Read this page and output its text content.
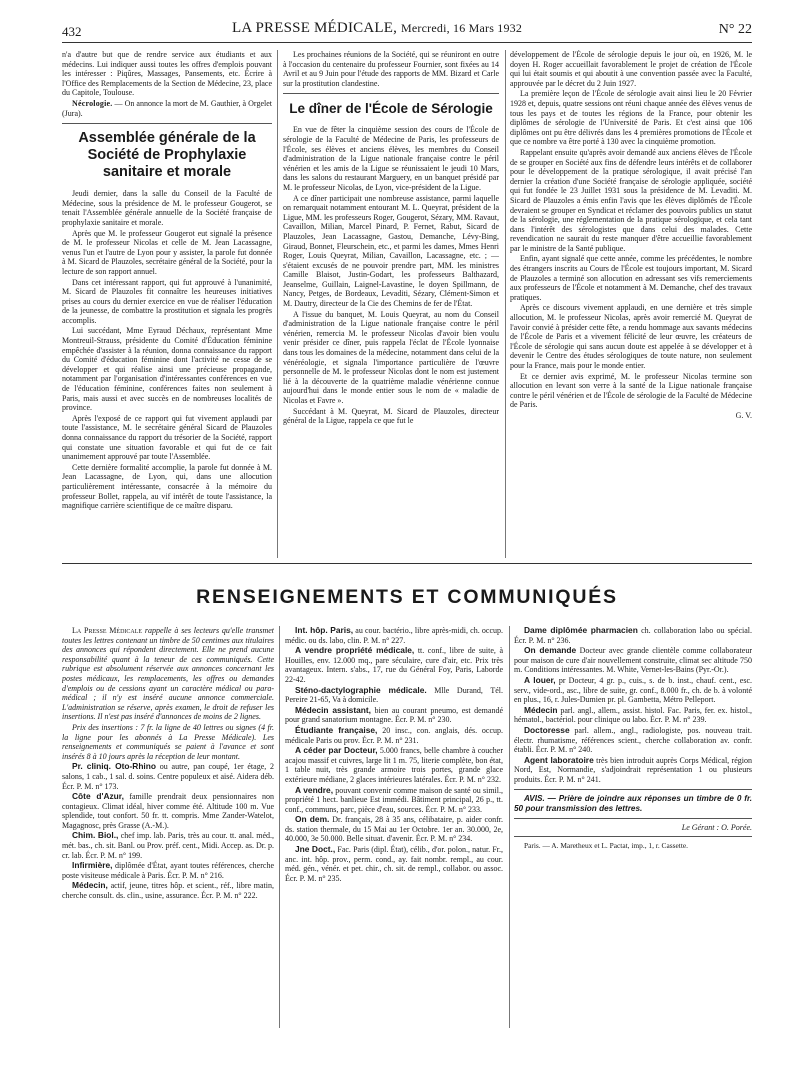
432	LA PRESSE MÉDICALE, Mercredi, 16 Mars 1932	N° 22

n'a d'autre but que de rendre service aux étudiants et aux médecins. Lui indiquer aussi toutes les offres d'emplois pouvant les intéresser : Piqûres, Massages, Pansements, etc. Écrire à l'Office des Remplacements de la Section de Médecine, 23, place du Capitole, Toulouse.

Nécrologie. — On annonce la mort de M. Gauthier, à Orgelet (Jura).

Assemblée générale de la Société de Prophylaxie sanitaire et morale

Jeudi dernier, dans la salle du Conseil de la Faculté de Médecine, sous la présidence de M. le professeur Gougerot, se tenait l'Assemblée générale annuelle de la Société française de prophylaxie sanitaire et morale.

Après que M. le professeur Gougerot eut signalé la présence de M. le professeur Nicolas et celle de M. Jean Lacassagne, venus l'un et l'autre de Lyon pour y assister, la parole fut donnée à M. Sicard de Plauzoles, secrétaire général de la Société, pour la lecture de son rapport annuel.

Dans cet intéressant rapport, qui fut approuvé à l'unanimité, M. Sicard de Plauzoles fit connaître les heureuses initiatives prises au cours du dernier exercice en vue de réaliser l'éducation de la jeunesse, de combattre la prostitution et signala les progrès accomplis.

Lui succédant, Mme Eyraud Déchaux, représentant Mme Montreuil-Strauss, présidente du Comité d'Éducation féminine empêchée d'assister à la réunion, donna connaissance du rapport du Comité d'éducation féminine dont l'activité ne cesse de se développer et qui réalise ainsi une précieuse propagande, notamment par l'organisation d'intéressantes conférences en vue de l'éducation féminine, conférences faites non seulement à Paris, mais aussi et avec succès en de nombreuses localités de province.

Après l'exposé de ce rapport qui fut vivement applaudi par toute l'assistance, M. le secrétaire général Sicard de Plauzoles donna connaissance du rapport du trésorier de la Société, rapport qui constate une situation favorable et qui fut de ce fait unanimement approuvé par toute l'Assemblée.

Cette dernière formalité accomplie, la parole fut donnée à M. Jean Lacassagne, de Lyon, qui, dans une allocution particulièrement intéressante, consacrée à la mémoire du professeur Bollet, rappela, au vif intérêt de toute l'assistance, la magnifique carrière scientifique de ce maître disparu.

Les prochaines réunions de la Société, qui se réuniront en outre à l'occasion du centenaire du professeur Fournier, sont fixées au 14 Avril et au 9 Juin pour l'étude des rapports de MM. Bizard et Carle sur la prostitution clandestine.

Le dîner de l'École de Sérologie

En vue de fêter la cinquième session des cours de l'École de sérologie de la Faculté de Médecine de Paris, les professeurs de l'École, ses élèves et anciens élèves, les membres du Conseil d'administration de la Ligue nationale française contre le péril vénérien et les amis de la Ligue se réunissaient le jeudi 10 Mars, dans les salons du restaurant Marguery, en un banquet présidé par M. le professeur Nicolas, de Lyon, vice-président de la Ligue.

A ce dîner participait une nombreuse assistance, parmi laquelle on remarquait notamment entourant M. L. Queyrat, président de la Ligue, MM. les professeurs Roger, Gougerot, Sézary, MM. Ravaut, Cavaillon, Milian, Marcel Pinard, P. Fernet, Rabut, Sicard de Plauzoles, Jean Lacassagne, Gastou, Demanche, Lévy-Bing, Giraud, Bonnet, Fleurschein, etc., et parmi les dames, Mmes Henri Roger, Louis Queyrat, Milian, Cavaillon, Lacassagne, etc. ; — s'étaient excusés de ne pouvoir prendre part, MM. les ministres Camille Blaisot, Justin-Godart, les professeurs Balthazard, Jeanselme, Guillain, Laignel-Lavastine, le doyen Spillmann, de Nancy, Petges, de Bordeaux, Levaditi, Sézary, Clément-Simon et M. Dautry, directeur de la Cie des Chemins de fer de l'État.

A l'issue du banquet, M. Louis Queyrat, au nom du Conseil d'administration de la Ligue nationale française contre le péril vénérien, remercia M. le professeur Nicolas d'avoir bien voulu venir présider ce dîner, puis rappela l'éclat de l'École lyonnaise dans tous les domaines de la médecine, notamment dans celui de la vénéréologie, et signala l'importance particulière de l'œuvre personnelle de M. le professeur Nicolas dont le nom est justement lié à la découverte de la quatrième maladie vénérienne connue aujourd'hui dans le monde entier sous le nom de « maladie de Nicolas et Favre ».

Succédant à M. Queyrat, M. Sicard de Plauzoles, directeur général de la Ligue, rappela ce que fut le

développement de l'École de sérologie depuis le jour où, en 1926, M. le doyen H. Roger accueillait favorablement le projet de création de l'École qui lui était soumis et qui aboutit à une convention passée avec la Faculté, approuvée par le décret du 2 Juin 1927.

La première leçon de l'École de sérologie avait ainsi lieu le 20 Février 1928 et, depuis, quatre sessions ont réuni chaque année des élèves venus de tous les pays et de toutes les régions de la France, pour obtenir les diplômes de sérologie de l'Université de Paris. Et c'est ainsi que 106 diplômes ont pu être délivrés dans les 4 premières promotions de l'École et que ce nombre va être porté à 130 avec la cinquième promotion.

Rappelant ensuite qu'après avoir demandé aux anciens élèves de l'École de se grouper en Société aux fins de défendre leurs intérêts et de collaborer pour le développement de la pratique sérologique, il avait précisé l'an dernier la création d'une Société française de sérologie appliquée, société qui fut fondée le 23 Juillet 1931 sous la présidence de M. Levaditi. M. Sicard de Plauzoles a émis enfin l'avis que les élèves diplômés de l'École devraient se grouper en Syndicat et réclamer des pouvoirs publics un statut de la sérologie, une réglementation de la pratique sérologique, et cela tant dans l'intérêt des sérologistes que dans celui des malades. Cette revendication ne saurait du reste manquer d'être accueillie favorablement par le ministre de la Santé publique.

Enfin, ayant signalé que cette année, comme les précédentes, le nombre des étrangers inscrits au Cours de l'École est toujours important, M. Sicard de Plauzoles a terminé son allocution en adressant ses vifs remerciements aux professeurs de l'École et notamment à M. Demanche, chef des travaux pratiques.

Après ce discours vivement applaudi, en une dernière et très simple allocution, M. le professeur Nicolas, après avoir remercié M. Queyrat de l'avoir convié à présider cette fête, a rendu hommage aux savants médecins de l'École de Paris et a vivement félicité de leur œuvre, les créateurs de l'École de sérologie qui sans aucun doute est appelée à se développer et à devenir le Centre des études sérologiques de toute nature, non seulement pour la France, mais pour le monde entier.

Et ce dernier avis exprimé, M. le professeur Nicolas termine son allocution en levant son verre à la santé de la Ligue nationale française contre le péril vénérien et de l'École de sérologie de la Faculté de Médecine de Paris.

G. V.

RENSEIGNEMENTS ET COMMUNIQUÉS

La Presse Médicale rappelle à ses lecteurs qu'elle transmet toutes les lettres contenant un timbre de 50 centimes aux titulaires des annonces qui répondent directement. Elle ne prend aucune responsabilité quant à la teneur de ces communiqués. Cette rubrique est absolument réservée aux annonces concernant les postes médicaux, les remplacements, les offres ou demandes d'emplois ou de cessions ayant un caractère médical ou para-médical ; il n'y est inséré aucune annonce commerciale. L'administration se réserve, après examen, le droit de refuser les insertions. Il n'est pas inséré d'annonces de moins de 2 lignes.

Prix des insertions : 7 fr. la ligne de 40 lettres ou signes (4 fr. la ligne pour les abonnés à La Presse Médicale). Les renseignements et communiqués se paient à l'avance et sont insérés 8 à 10 jours après la réception de leur montant.

Pr. cliniq. Oto-Rhino ou autre, pan coupé, 1er étage, 2 salons, 1 cab., 1 sal. d. soins. Centre populeux et aisé. Aidera déb. Écr. P. M. n° 173.

Côte d'Azur, famille prendrait deux pensionnaires non contagieux. Climat idéal, hiver comme été. Altitude 100 m. Vue splendide, tout confort. 50 fr. tt. compris. Mme Zander-Watelot, Magagnosc, près Grasse (A.-M.).

Chim. Biol., chef imp. lab. Paris, très au cour. tt. anal. méd., mét. bas., ch. sit. Banl. ou Prov. préf. cent., Midi. Accep. as. Dr. p. cr. lab. Écr. P. M. n° 199.

Infirmière, diplômée d'État, ayant toutes références, cherche poste visiteuse médicale à Paris. Écr. P. M. n° 216.

Médecin, actif, jeune, titres hôp. et scient., réf., libre matin, cherche consult. ds. clin., usine, assurance. Écr. P. M. n° 222.

Int. hôp. Paris, au cour. bactério., libre après-midi, ch. occup. médic. ou ds. labo, clin. P. M. n° 227.

A vendre propriété médicale, tt. conf., libre de suite, à Houilles, env. 12.000 mq., pare séculaire, cure d'air, etc. Prix très avantageux. Intern. s'abs., 17, rue du Général Foy, Paris, Laborde 22-42.

Sténo-dactylographie médicale. Mlle Durand, Tél. Pereire 21-65, Va à domicile.

Médecin assistant, bien au courant pneumo, est demandé pour grand sanatorium montagne. Écr. P. M. n° 230.

Étudiante française, 20 insc., con. anglais, dés. occup. médicale Paris ou prov. Écr. P. M. n° 231.

A céder par Docteur, 5.000 francs, belle chambre à coucher acajou massif et cuivres, large lit 1 m. 75, literie complète, bon état, 1 table nuit, très grande armoire trois portes, grande glace extérieure médiane, 2 glaces intérieures latérales. Écr. P. M. n° 232.

A vendre, pouvant convenir comme maison de santé ou simil., propriété 1 hect. banlieue Est immédi. Bâtiment principal, 26 p., tt. conf., communs, parc, pièce d'eau, sources. Écr. P. M. n° 233.

On dem. Dr. français, 28 à 35 ans, célibataire, p. aider confr. ds. station thermale, du 15 Mai au 1er Octobre. 1er an. 30.000, 2e, 40.000, 3e 50.000. Belle situat. d'avenir. Écr. P. M. n° 234.

Jne Doct., Fac. Paris (dipl. État), célib., d'or. polon., natur. Fr., anc. int. hôp. prov., perm. cond., ay. fait nombr. rempl., au cour. méd. gén., vénér. et pet. chir., ch. sit. de rempl., collabor. ou assoc. Écr. P. M. n° 235.

Dame diplômée pharmacien ch. collaboration labo ou spécial. Écr. P. M. n° 236.

On demande Docteur avec grande clientèle comme collaborateur pour maison de cure d'air nouvellement construite, climat sec altitude 750 m. Conditions intéressantes. M. White, Vernet-les-Bains (Pyr.-Or.).

A louer, pr Docteur, 4 gr. p., cuis., s. de b. inst., chauf. cent., esc. serv., vide-ord., asc., libre de suite, gr. conf., 8.000 fr., ch. de b. à volonté en plus., 16, r. Jules-Dumien pr. pl. Gambetta, Métro Pelleport.

Médecin parl. angl., allem., assist. histol. Fac. Paris, fer. ex. histol., hématol., bactériol. pour clinique ou labo. Écr. P. M. n° 239.

Doctoresse parl. allem., angl., radiologiste, pos. nouveau trait. électr. rhumatisme, références scient., cherche collaboration av. confr. établi. Écr. P. M. n° 240.

Agent laboratoire très bien introduit auprès Corps Médical, région Nord, Est, Normandie, s'adjoindrait représentation 1 ou plusieurs produits. Écr. P. M. n° 241.

AVIS. — Prière de joindre aux réponses un timbre de 0 fr. 50 pour transmission des lettres.

Le Gérant : O. Porée.

Paris. — A. Maretheux et L. Pactat, imp., 1, r. Cassette.
